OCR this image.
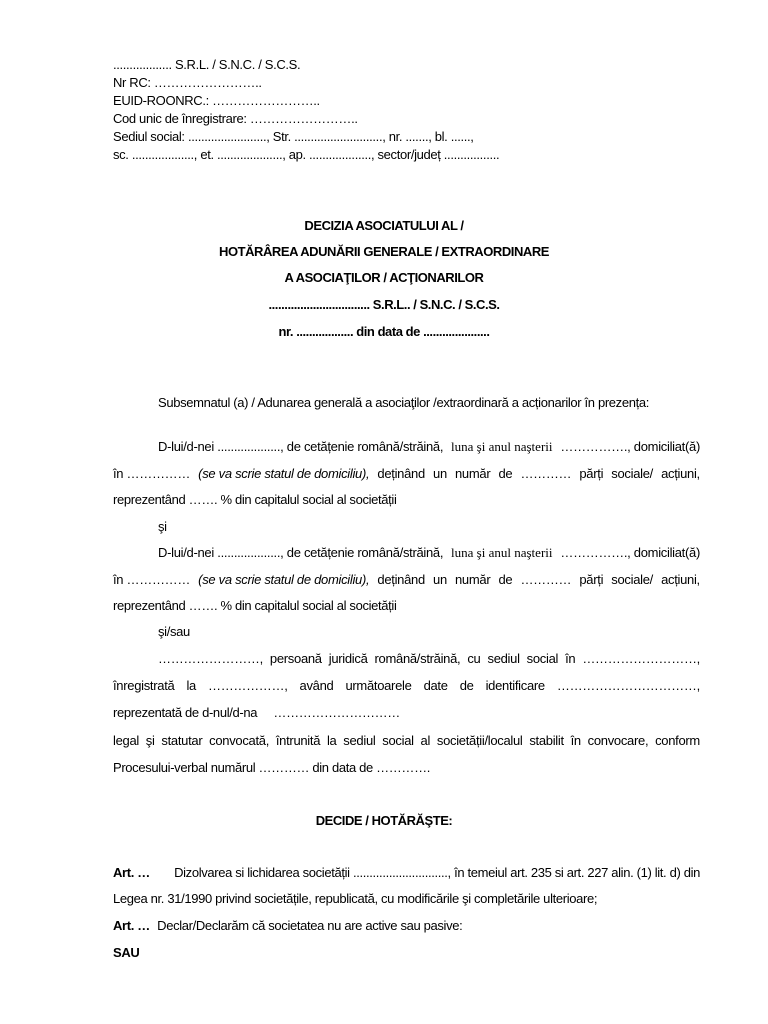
.................. S.R.L. / S.N.C. / S.C.S.
Nr RC: ……………………..
EUID-ROONRC.: ……………………..
Cod unic de înregistrare: ……………………..
Sediul social: ........................, Str. ..........................., nr. ......., bl. ......,
sc. ..................., et. ...................., ap. ..................., sector/județ .................
DECIZIA ASOCIATULUI AL /
HOTĂRÂREA ADUNĂRII GENERALE / EXTRAORDINARE
A ASOCIAŢILOR / ACŢIONARILOR
................................ S.R.L.. / S.N.C. / S.C.S.
nr. .................. din data de .....................
Subsemnatul (a) / Adunarea generală a asociaţilor /extraordinară a acționarilor în prezența:
D-lui/d-nei ..................., de cetățenie română/străină, luna şi anul naşterii ……………., domiciliat(ă)
în …………… (se va scrie statul de domiciliu), deținând un număr de ………… părți sociale/ acțiuni,
reprezentând ……. % din capitalul social al societății
şi
D-lui/d-nei ..................., de cetățenie română/străină, luna şi anul naşterii ……………., domiciliat(ă)
în …………… (se va scrie statul de domiciliu), deținând un număr de ………… părți sociale/ acțiuni,
reprezentând ……. % din capitalul social al societății
şi/sau
……………………, persoană juridică română/străină, cu sediul social în ………………………,
înregistrată la ………………, având următoarele date de identificare ……………………………,
reprezentată de d-nul/d-na     …………………………
legal şi statutar convocată, întrunită la sediul social al societății/localul stabilit în convocare, conform
Procesului-verbal numărul ………… din data de ………….
DECIDE / HOTĂRĂŞTE:
Art. … Dizolvarea si lichidarea societății ............................., în temeiul art. 235 si art. 227 alin. (1) lit. d) din
Legea nr. 31/1990 privind societățile, republicată, cu modificările şi completările ulterioare;
Art. … Declar/Declarăm că societatea nu are active sau pasive:
SAU
